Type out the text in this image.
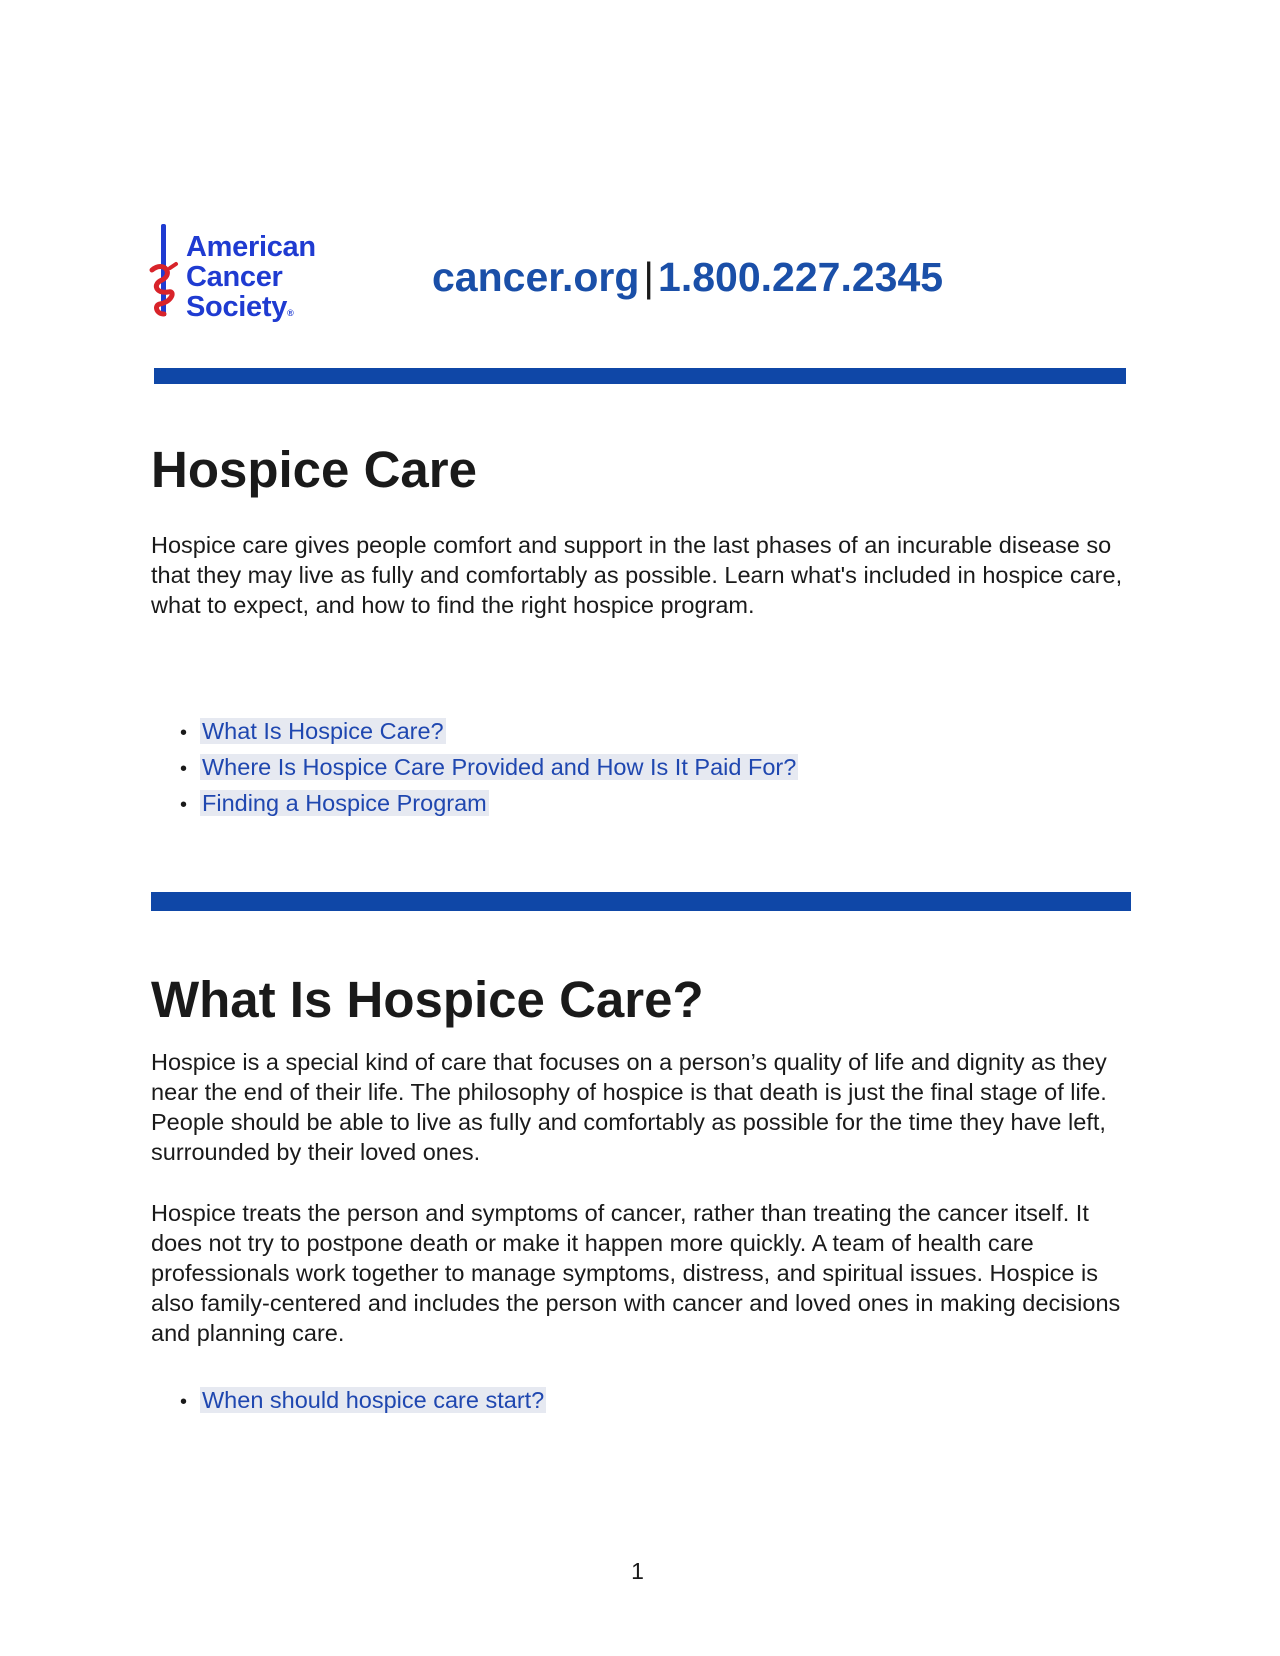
American
Cancer
Society®
cancer.org|1.800.227.2345
Hospice Care

Hospice care gives people comfort and support in the last phases of an incurable disease so that they may live as fully and comfortably as possible. Learn what's included in hospice care, what to expect, and how to find the right hospice program.

• What Is Hospice Care?
• Where Is Hospice Care Provided and How Is It Paid For?
• Finding a Hospice Program
What Is Hospice Care?

Hospice is a special kind of care that focuses on a person’s quality of life and dignity as they near the end of their life. The philosophy of hospice is that death is just the final stage of life. People should be able to live as fully and comfortably as possible for the time they have left, surrounded by their loved ones.

Hospice treats the person and symptoms of cancer, rather than treating the cancer itself. It does not try to postpone death or make it happen more quickly. A team of health care professionals work together to manage symptoms, distress, and spiritual issues. Hospice is also family-centered and includes the person with cancer and loved ones in making decisions and planning care.

• When should hospice care start?
1
